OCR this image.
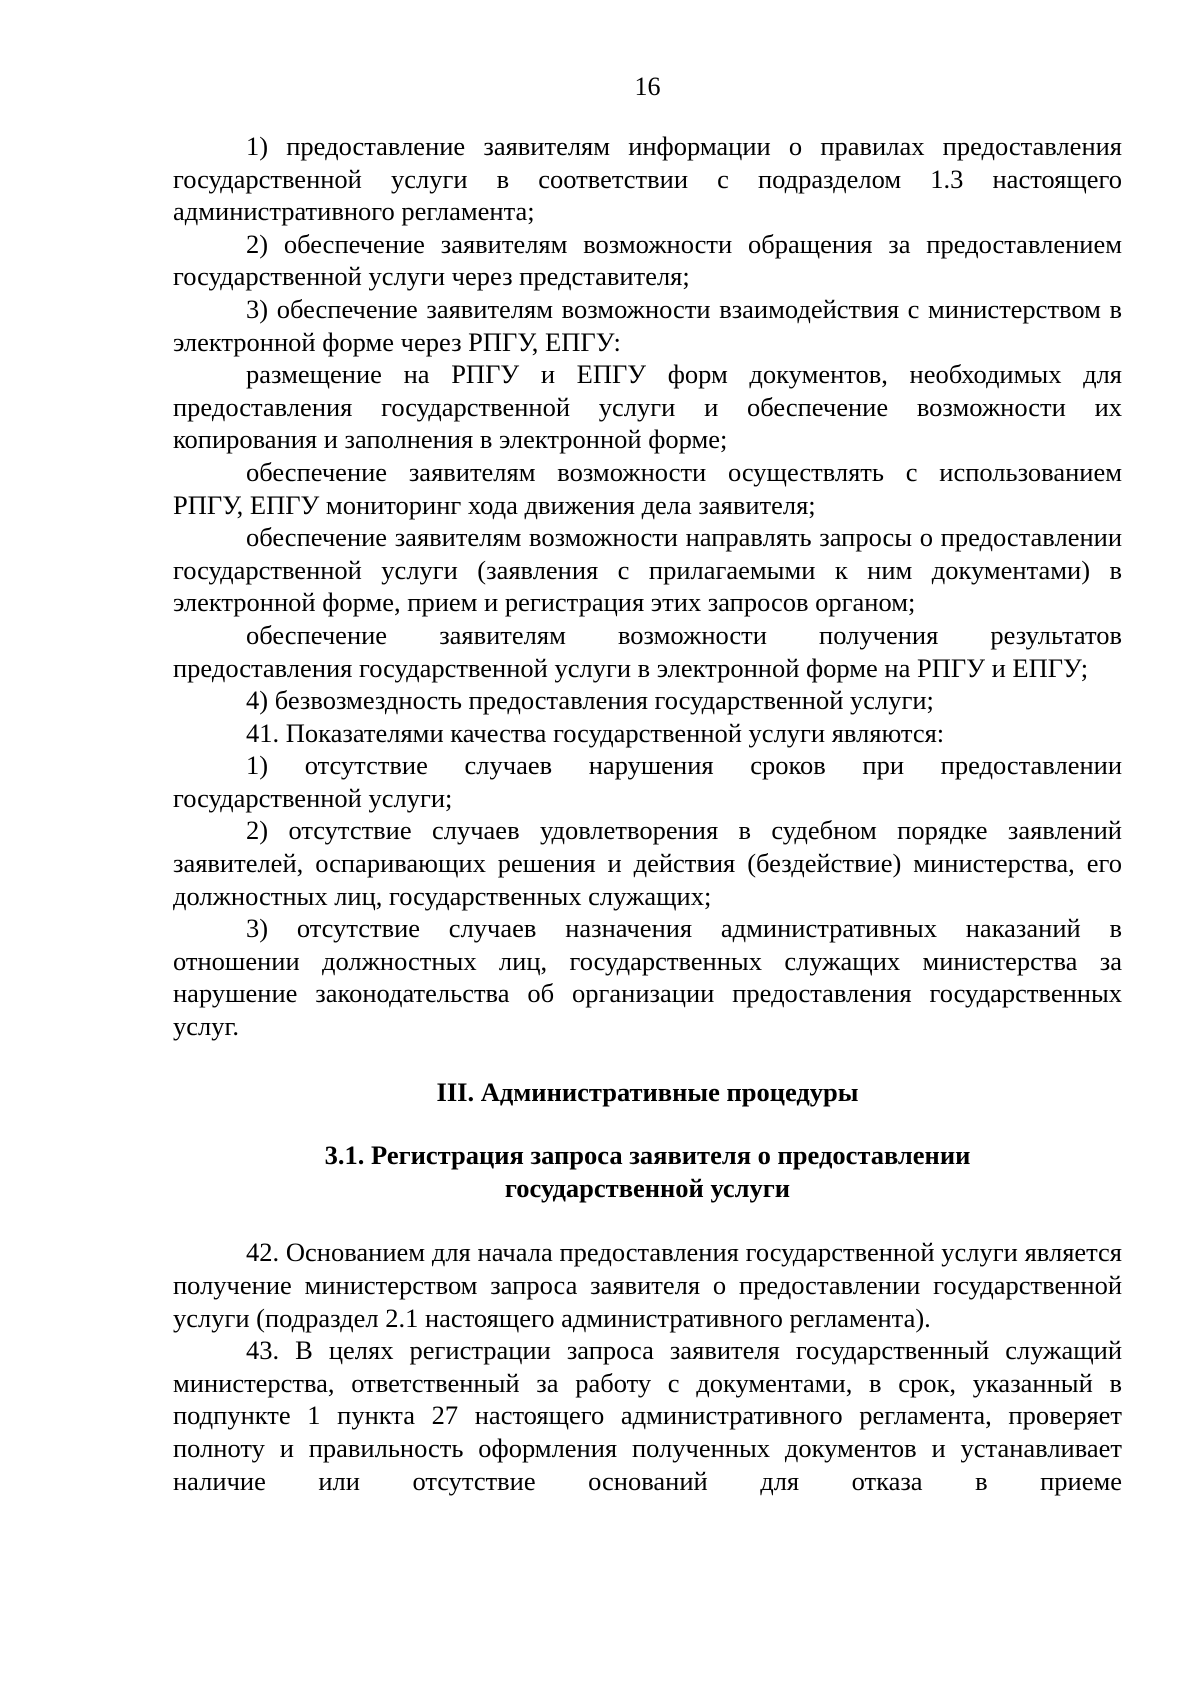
16

1) предоставление заявителям информации о правилах предоставления государственной услуги в соответствии с подразделом 1.3 настоящего административного регламента;

2) обеспечение заявителям возможности обращения за предоставлением государственной услуги через представителя;

3) обеспечение заявителям возможности взаимодействия с министерством в электронной форме через РПГУ, ЕПГУ:

размещение на РПГУ и ЕПГУ форм документов, необходимых для предоставления государственной услуги и обеспечение возможности их копирования и заполнения в электронной форме;

обеспечение заявителям возможности осуществлять с использованием РПГУ, ЕПГУ мониторинг хода движения дела заявителя;

обеспечение заявителям возможности направлять запросы о предоставлении государственной услуги (заявления с прилагаемыми к ним документами) в электронной форме, прием и регистрация этих запросов органом;

обеспечение заявителям возможности получения результатов предоставления государственной услуги в электронной форме на РПГУ и ЕПГУ;

4) безвозмездность предоставления государственной услуги;

41. Показателями качества государственной услуги являются:

1) отсутствие случаев нарушения сроков при предоставлении государственной услуги;

2) отсутствие случаев удовлетворения в судебном порядке заявлений заявителей, оспаривающих решения и действия (бездействие) министерства, его должностных лиц, государственных служащих;

3) отсутствие случаев назначения административных наказаний в отношении должностных лиц, государственных служащих министерства за нарушение законодательства об организации предоставления государственных услуг.

III. Административные процедуры

3.1. Регистрация запроса заявителя о предоставлении
государственной услуги

42. Основанием для начала предоставления государственной услуги является получение министерством запроса заявителя о предоставлении государственной услуги (подраздел 2.1 настоящего административного регламента).

43. В целях регистрации запроса заявителя государственный служащий министерства, ответственный за работу с документами, в срок, указанный в подпункте 1 пункта 27 настоящего административного регламента, проверяет полноту и правильность оформления полученных документов и устанавливает наличие или отсутствие оснований для отказа в приеме
